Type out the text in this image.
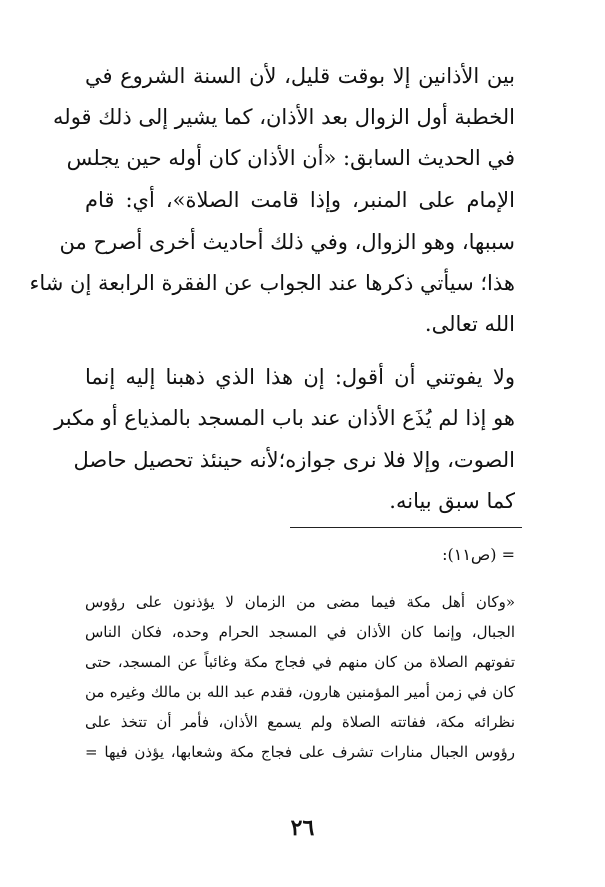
بين الأذانين إلا بوقت قليل، لأن السنة الشروع في
الخطبة أول الزوال بعد الأذان، كما يشير إلى ذلك قوله
في الحديث السابق: «أن الأذان كان أوله حين يجلس
الإمام على المنبر، وإذا قامت الصلاة»، أي: قام
سببها، وهو الزوال، وفي ذلك أحاديث أخرى أصرح من
هذا؛ سيأتي ذكرها عند الجواب عن الفقرة الرابعة إن شاء
الله تعالى.
ولا يفوتني أن أقول: إن هذا الذي ذهبنا إليه إنما
هو إذا لم يُذَع الأذان عند باب المسجد بالمذياع أو مكبر
الصوت، وإلا فلا نرى جوازه؛لأنه حينئذ تحصيل حاصل
كما سبق بيانه.
= (ص١١):
«وكان أهل مكة فيما مضى من الزمان لا يؤذنون على رؤوس
الجبال، وإنما كان الأذان في المسجد الحرام وحده، فكان الناس
تفوتهم الصلاة من كان منهم في فجاج مكة وغائباً عن المسجد، حتى
كان في زمن أمير المؤمنين هارون، فقدم عبد الله بن مالك وغيره من
نظرائه مكة، ففاتته الصلاة ولم يسمع الأذان، فأمر أن تتخذ على
رؤوس الجبال منارات تشرف على فجاج مكة وشعابها، يؤذن فيها =
٢٦
